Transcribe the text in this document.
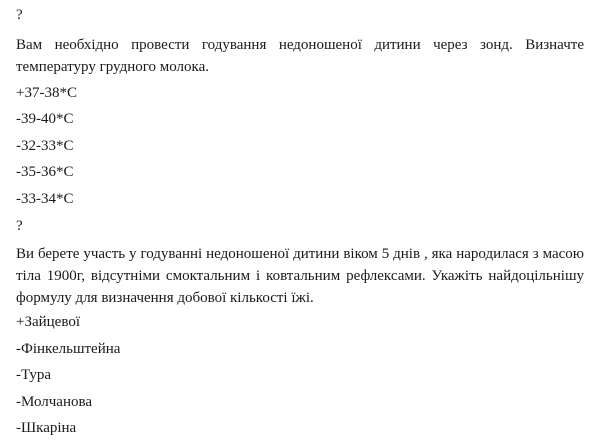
?
Вам необхідно провести годування недоношеної дитини через зонд. Визначте температуру грудного молока.
+37-38*С
-39-40*С
-32-33*С
-35-36*С
-33-34*С
?
Ви берете участь у годуванні недоношеної дитини віком 5 днів , яка народилася з масою тіла 1900г, відсутніми смоктальним і ковтальним рефлексами. Укажіть найдоцільнішу формулу для визначення добової кількості їжі.
+Зайцевої
-Фінкельштейна
-Тура
-Молчанова
-Шкаріна
